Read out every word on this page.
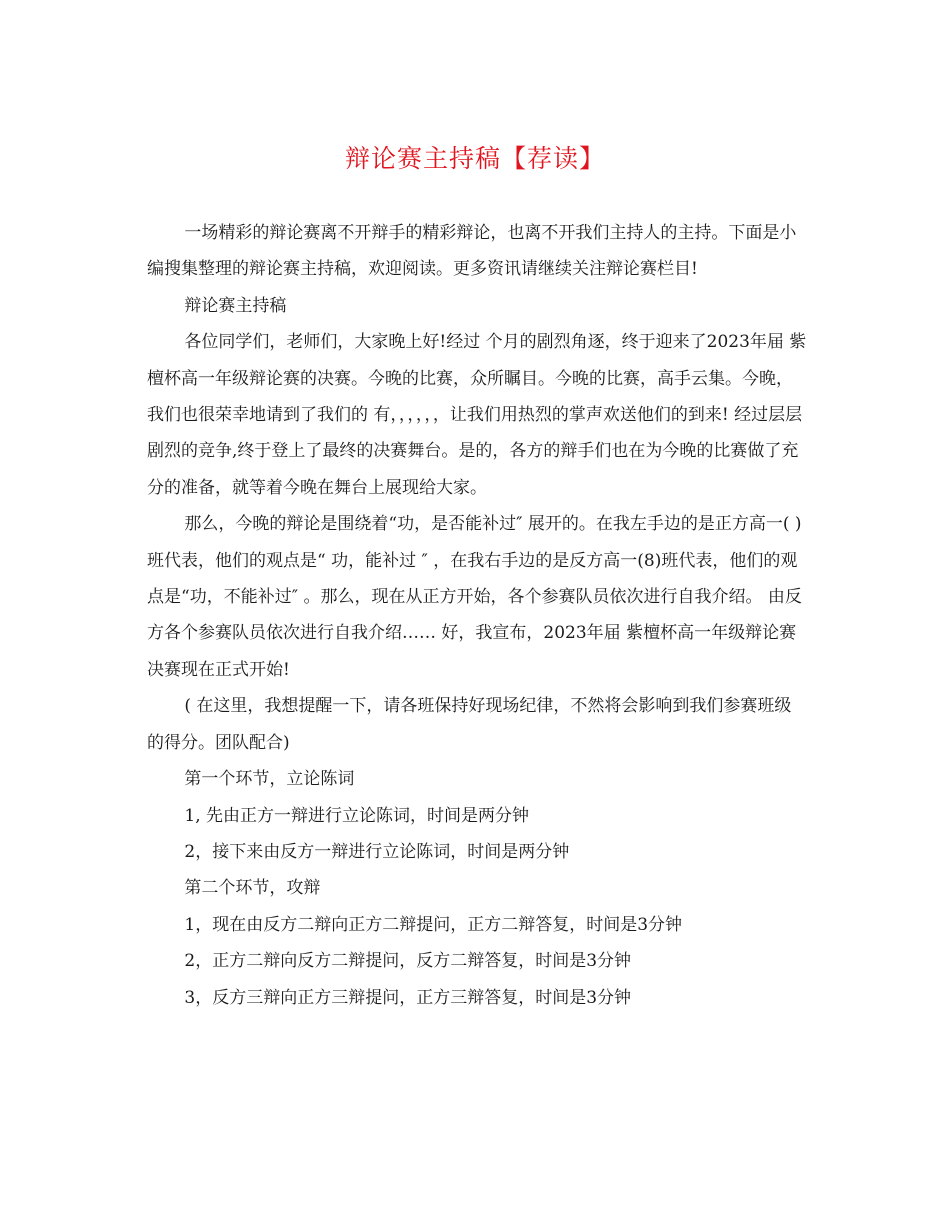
辩论赛主持稿【荐读】

一场精彩的辩论赛离不开辩手的精彩辩论，也离不开我们主持人的主持。下面是小编搜集整理的辩论赛主持稿，欢迎阅读。更多资讯请继续关注辩论赛栏目!

辩论赛主持稿

各位同学们，老师们，大家晚上好!经过 个月的剧烈角逐，终于迎来了2023年届 紫檀杯高一年级辩论赛的决赛。今晚的比赛，众所瞩目。今晚的比赛，高手云集。今晚，我们也很荣幸地请到了我们的 有，，，，，，让我们用热烈的掌声欢送他们的到来! 经过层层剧烈的竞争,终于登上了最终的决赛舞台。是的，各方的辩手们也在为今晚的比赛做了充分的准备，就等着今晚在舞台上展现给大家。

那么，今晚的辩论是围绕着“功，是否能补过″ 展开的。在我左手边的是正方高一( )班代表，他们的观点是“ 功，能补过 ″ ，在我右手边的是反方高一(8)班代表，他们的观点是“功，不能补过″ 。那么，现在从正方开始，各个参赛队员依次进行自我介绍。 由反方各个参赛队员依次进行自我介绍…… 好，我宣布，2023年届 紫檀杯高一年级辩论赛决赛现在正式开始!

( 在这里，我想提醒一下，请各班保持好现场纪律，不然将会影响到我们参赛班级的得分。团队配合)

第一个环节，立论陈词

1, 先由正方一辩进行立论陈词，时间是两分钟

2，接下来由反方一辩进行立论陈词，时间是两分钟

第二个环节，攻辩

1，现在由反方二辩向正方二辩提问，正方二辩答复，时间是3分钟

2，正方二辩向反方二辩提问，反方二辩答复，时间是3分钟

3，反方三辩向正方三辩提问，正方三辩答复，时间是3分钟
